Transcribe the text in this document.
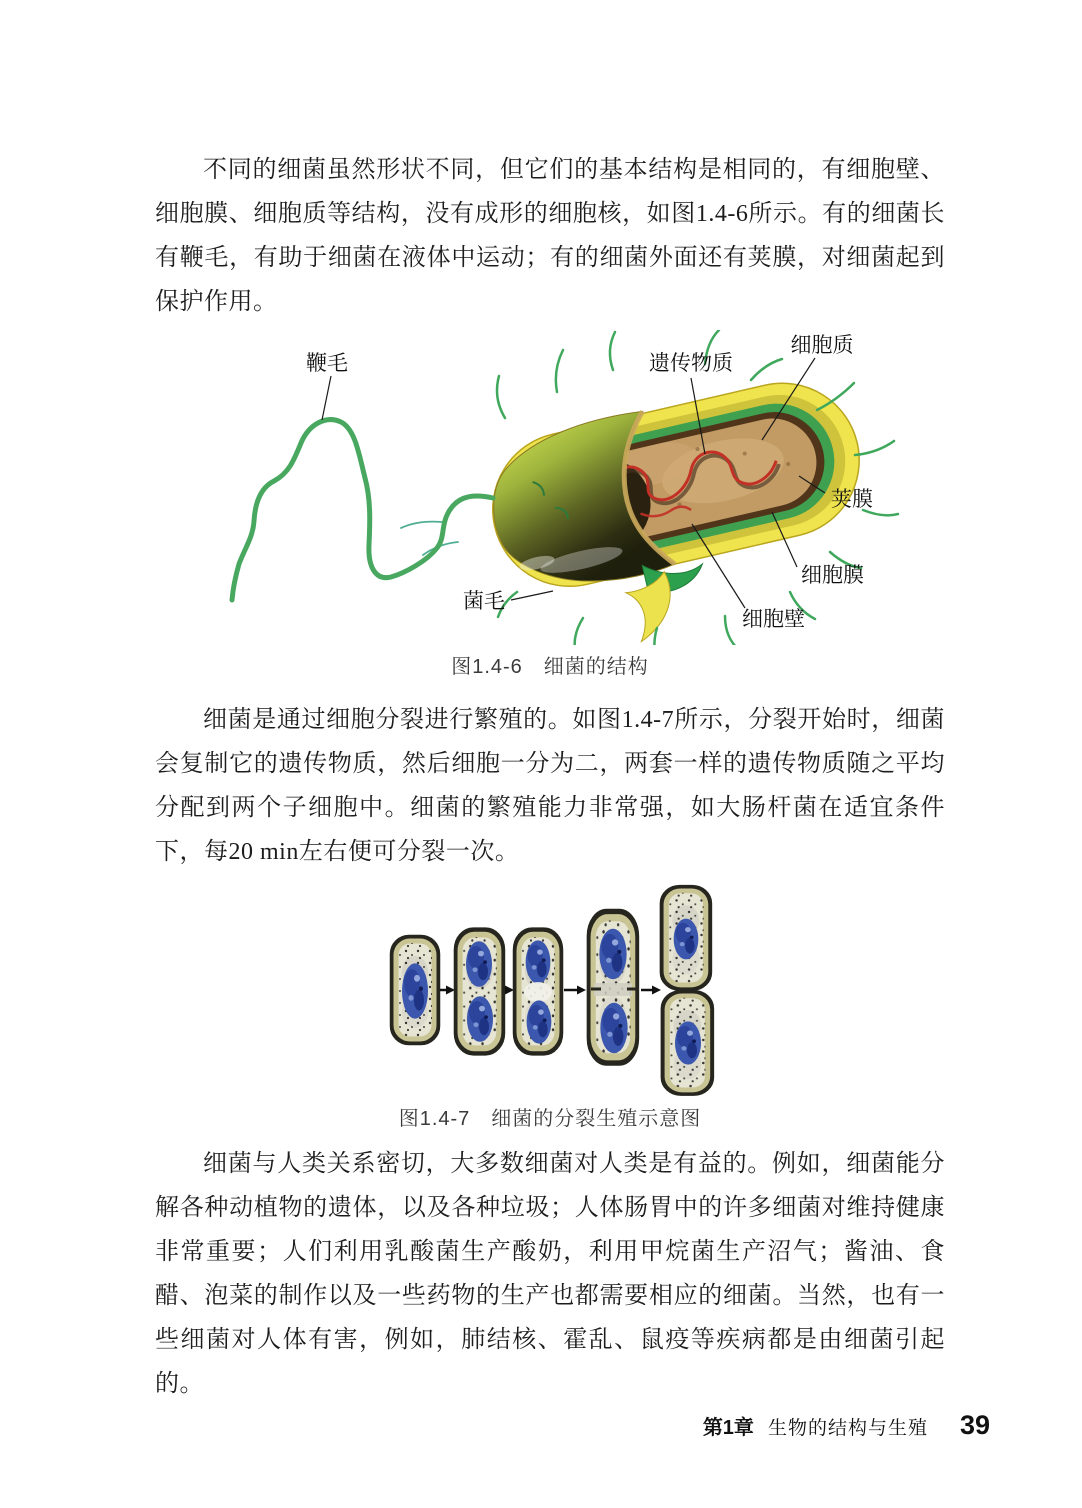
不同的细菌虽然形状不同，但它们的基本结构是相同的，有细胞壁、细胞膜、细胞质等结构，没有成形的细胞核，如图1.4-6所示。有的细菌长有鞭毛，有助于细菌在液体中运动；有的细菌外面还有荚膜，对细菌起到保护作用。

鞭毛	遗传物质
细胞质
荚膜
细胞膜
细胞壁
菌毛
图1.4-6　细菌的结构

细菌是通过细胞分裂进行繁殖的。如图1.4-7所示，分裂开始时，细菌会复制它的遗传物质，然后细胞一分为二，两套一样的遗传物质随之平均分配到两个子细胞中。细菌的繁殖能力非常强，如大肠杆菌在适宜条件下，每20 min左右便可分裂一次。

图1.4-7　细菌的分裂生殖示意图

细菌与人类关系密切，大多数细菌对人类是有益的。例如，细菌能分解各种动植物的遗体，以及各种垃圾；人体肠胃中的许多细菌对维持健康非常重要；人们利用乳酸菌生产酸奶，利用甲烷菌生产沼气；酱油、食醋、泡菜的制作以及一些药物的生产也都需要相应的细菌。当然，也有一些细菌对人体有害，例如，肺结核、霍乱、鼠疫等疾病都是由细菌引起的。

第1章 生物的结构与生殖 39
